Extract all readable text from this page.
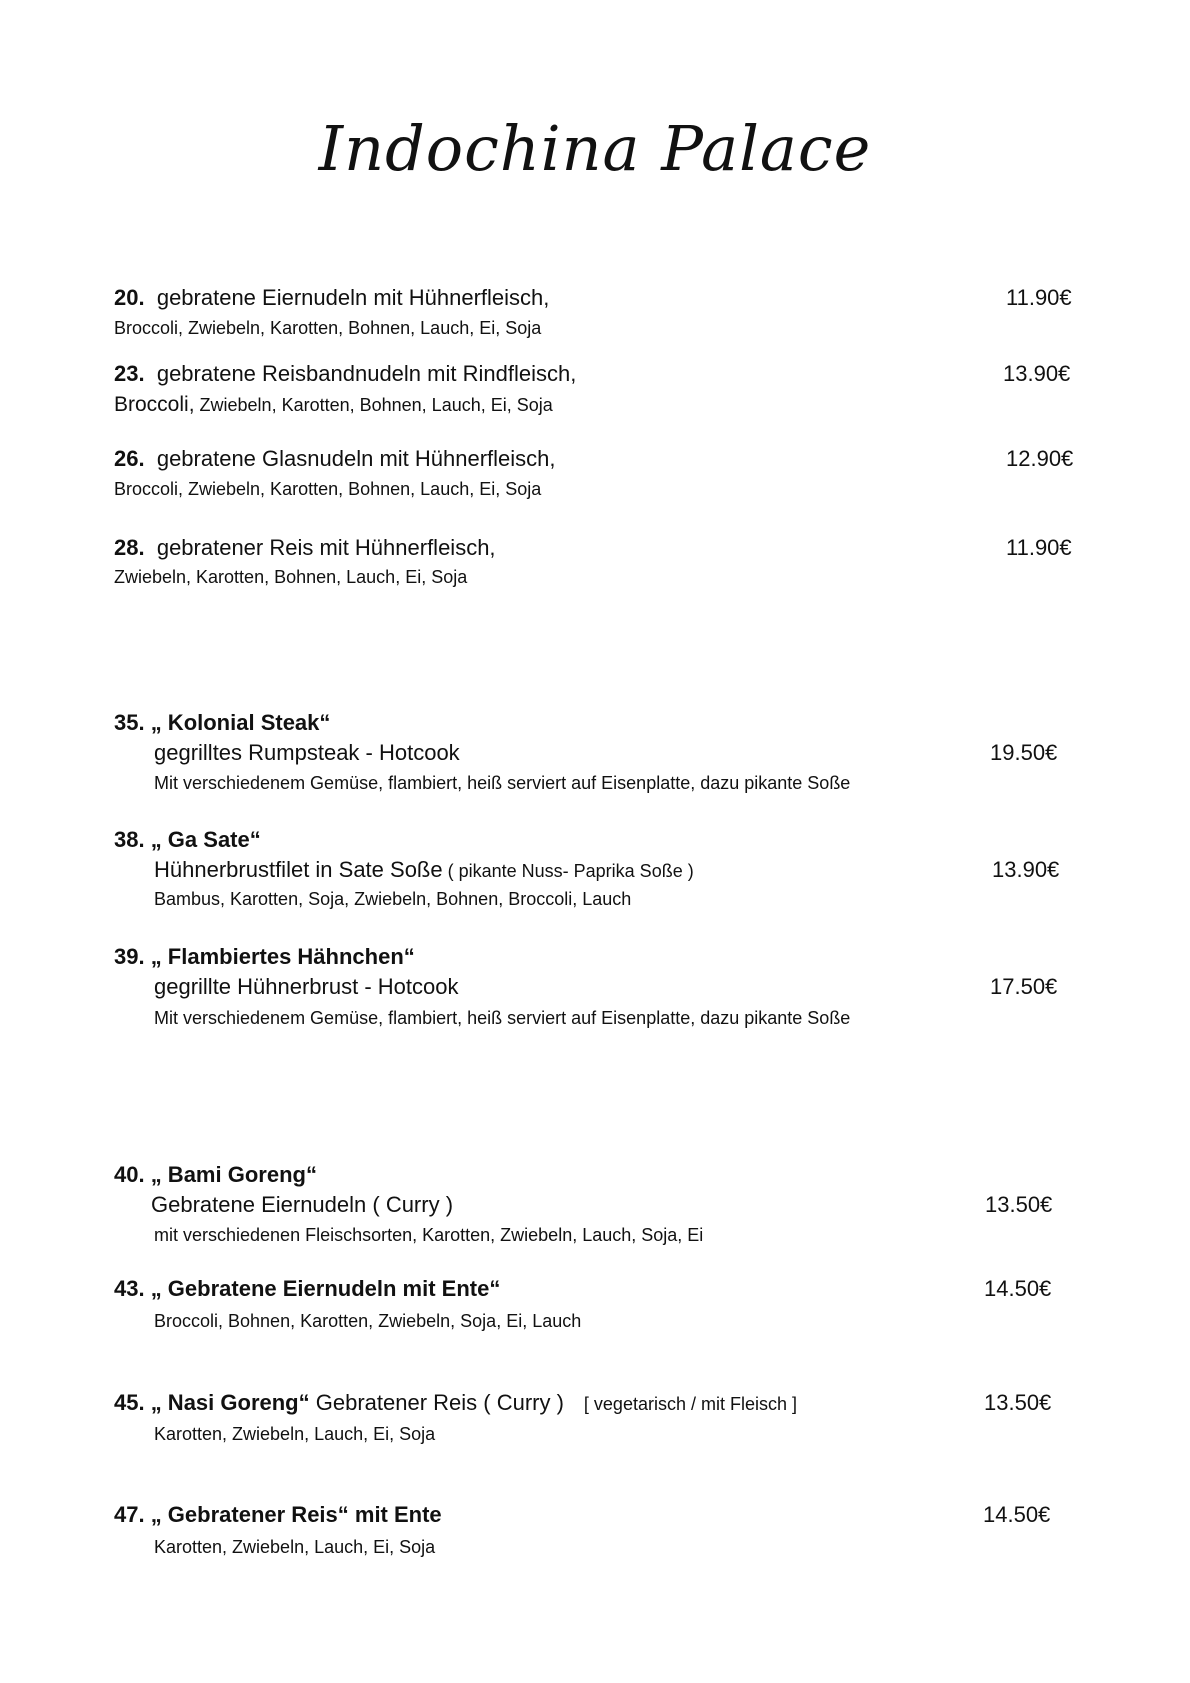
Indochina Palace
20. gebratene Eiernudeln mit Hühnerfleisch,
Broccoli, Zwiebeln, Karotten, Bohnen, Lauch, Ei, Soja
11.90€
23. gebratene Reisbandnudeln mit Rindfleisch,
Broccoli, Zwiebeln, Karotten, Bohnen, Lauch, Ei, Soja
13.90€
26. gebratene Glasnudeln mit Hühnerfleisch,
Broccoli, Zwiebeln, Karotten, Bohnen, Lauch, Ei, Soja
12.90€
28. gebratener Reis mit Hühnerfleisch,
Zwiebeln, Karotten, Bohnen, Lauch, Ei, Soja
11.90€
35. „ Kolonial Steak“
gegrilltes Rumpsteak - Hotcook
Mit verschiedenem Gemüse, flambiert, heiß serviert auf Eisenplatte, dazu pikante Soße
19.50€
38. „ Ga Sate“
Hühnerbrustfilet in Sate Soße ( pikante Nuss- Paprika Soße )
Bambus, Karotten, Soja, Zwiebeln, Bohnen, Broccoli, Lauch
13.90€
39. „ Flambiertes Hähnchen“
gegrillte Hühnerbrust - Hotcook
Mit verschiedenem Gemüse, flambiert, heiß serviert auf Eisenplatte, dazu pikante Soße
17.50€
40. „ Bami Goreng“
Gebratene Eiernudeln ( Curry )
mit verschiedenen Fleischsorten, Karotten, Zwiebeln, Lauch, Soja, Ei
13.50€
43. „ Gebratene Eiernudeln mit Ente“
Broccoli, Bohnen, Karotten, Zwiebeln, Soja, Ei, Lauch
14.50€
45. „ Nasi Goreng“ Gebratener Reis ( Curry ) [ vegetarisch / mit Fleisch ]
Karotten, Zwiebeln, Lauch, Ei, Soja
13.50€
47. „ Gebratener Reis“ mit Ente
Karotten, Zwiebeln, Lauch, Ei, Soja
14.50€
